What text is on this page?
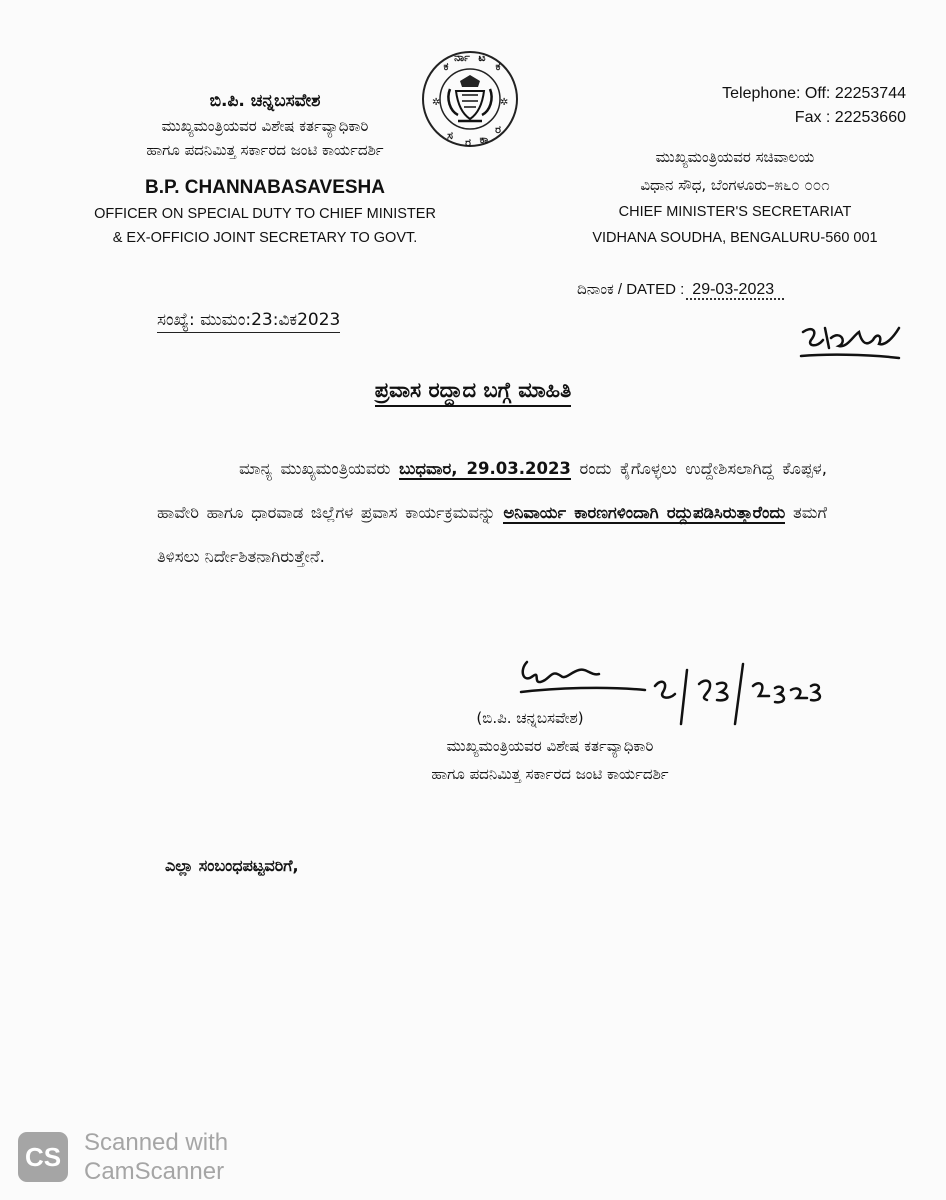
ಬಿ.ಪಿ. ಚನ್ನಬಸವೇಶ
ಮುಖ್ಯಮಂತ್ರಿಯವರ ವಿಶೇಷ ಕರ್ತವ್ಯಾಧಿಕಾರಿ
ಹಾಗೂ ಪದನಿಮಿತ್ತ ಸರ್ಕಾರದ ಜಂಟಿ ಕಾರ್ಯದರ್ಶಿ
B.P. CHANNABASAVESHA
OFFICER ON SPECIAL DUTY TO CHIEF MINISTER
& EX-OFFICIO JOINT SECRETARY TO GOVT.
ಕ
ರ್ನಾ ಟ
ಕ
ಸ
ರ ಕಾ
ರ
✲	✲
Telephone: Off: 22253744
Fax : 22253660
ಮುಖ್ಯಮಂತ್ರಿಯವರ ಸಚಿವಾಲಯ
ವಿಧಾನ ಸೌಧ, ಬೆಂಗಳೂರು–೫೬೦ ೦೦೧
CHIEF MINISTER'S SECRETARIAT
VIDHANA SOUDHA, BENGALURU-560 001
ದಿನಾಂಕ / DATED : 29-03-2023
ಸಂಖ್ಯೆ: ಮುಮಂ:23:ವಿಕ2023
ಪ್ರವಾಸ ರದ್ದಾದ ಬಗ್ಗೆ ಮಾಹಿತಿ
ಮಾನ್ಯ ಮುಖ್ಯಮಂತ್ರಿಯವರು ಬುಧವಾರ, 29.03.2023 ರಂದು ಕೈಗೊಳ್ಳಲು ಉದ್ದೇಶಿಸಲಾಗಿದ್ದ ಕೊಪ್ಪಳ, ಹಾವೇರಿ ಹಾಗೂ ಧಾರವಾಡ ಜಿಲ್ಲೆಗಳ ಪ್ರವಾಸ ಕಾರ್ಯಕ್ರಮವನ್ನು ಅನಿವಾರ್ಯ ಕಾರಣಗಳಿಂದಾಗಿ ರದ್ದುಪಡಿಸಿರುತ್ತಾರೆಂದು ತಮಗೆ ತಿಳಿಸಲು ನಿರ್ದೇಶಿತನಾಗಿರುತ್ತೇನೆ.
(ಬಿ.ಪಿ. ಚನ್ನಬಸವೇಶ)
ಮುಖ್ಯಮಂತ್ರಿಯವರ ವಿಶೇಷ ಕರ್ತವ್ಯಾಧಿಕಾರಿ
ಹಾಗೂ ಪದನಿಮಿತ್ತ ಸರ್ಕಾರದ ಜಂಟಿ ಕಾರ್ಯದರ್ಶಿ
ಎಲ್ಲಾ ಸಂಬಂಧಪಟ್ಟವರಿಗೆ,
CS Scanned with
CamScanner
